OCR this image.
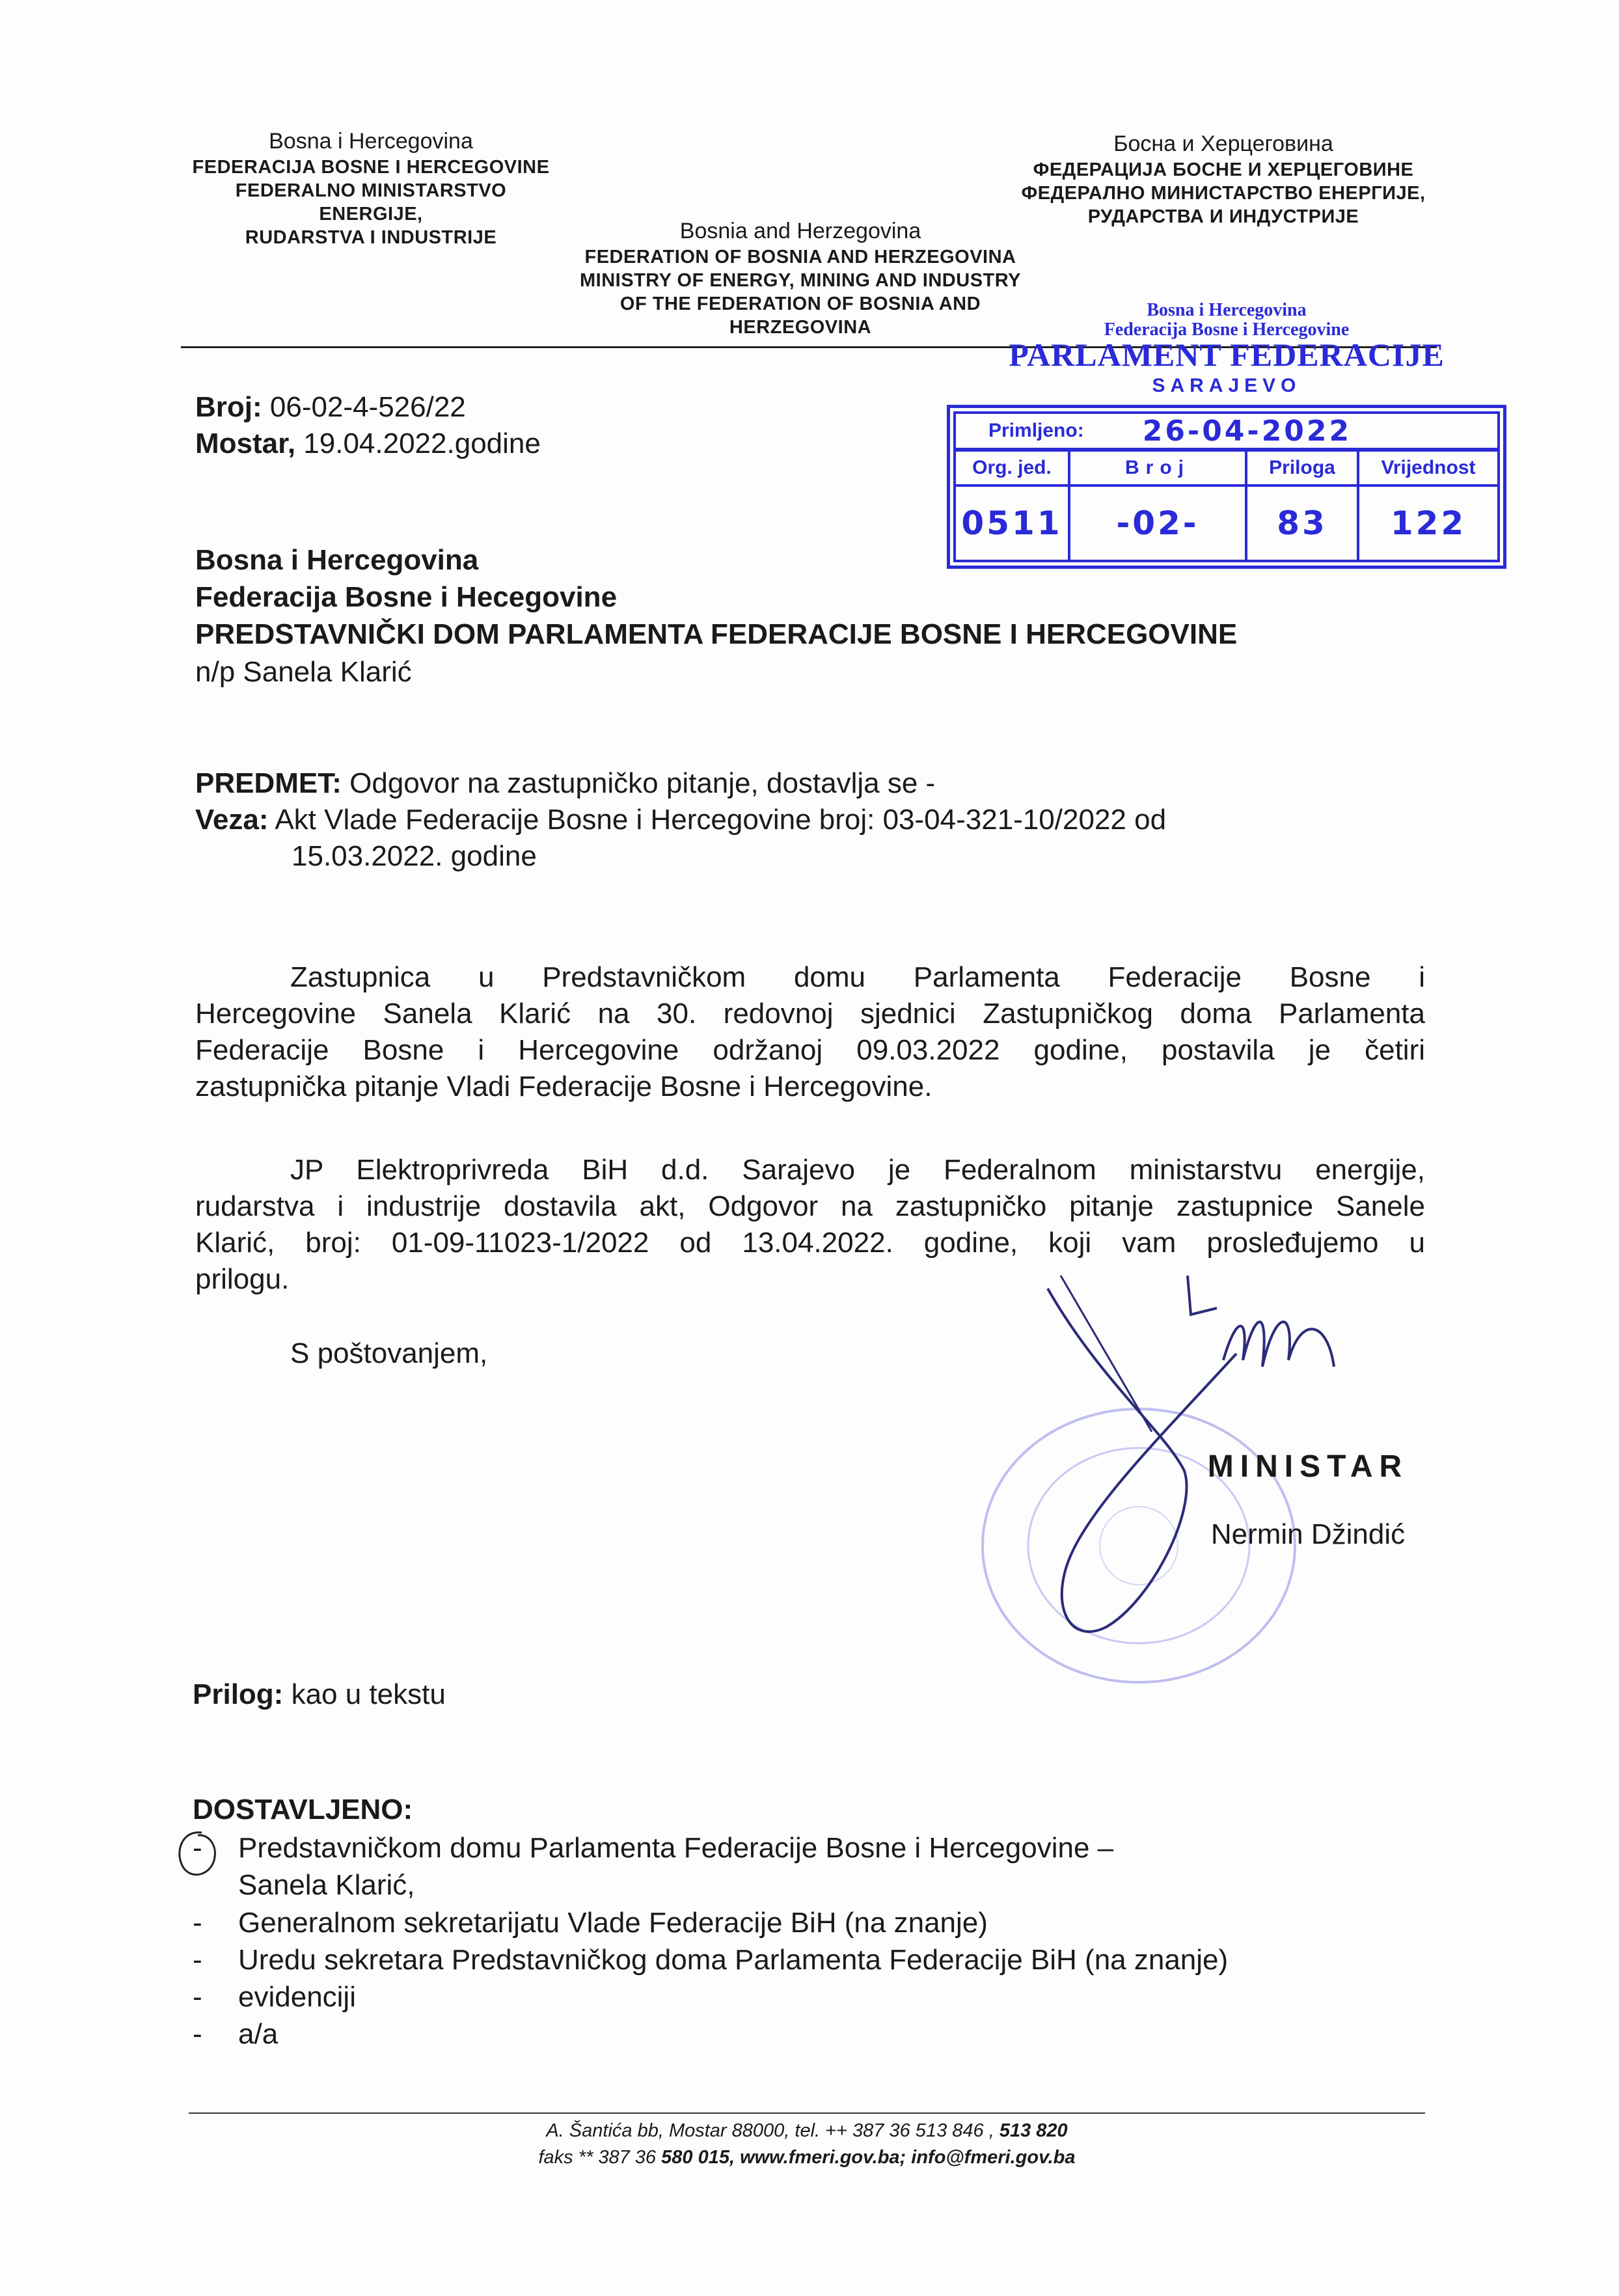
Bosna i Hercegovina
FEDERACIJA BOSNE I HERCEGOVINE
FEDERALNO MINISTARSTVO ENERGIJE,
RUDARSTVA I INDUSTRIJE	Bosnia and Herzegovina
FEDERATION OF BOSNIA AND HERZEGOVINA
MINISTRY OF ENERGY, MINING AND INDUSTRY
OF THE FEDERATION OF BOSNIA AND
HERZEGOVINA
Босна и Херцеговина
ФЕДЕРАЦИЈА БОСНЕ И ХЕРЦЕГОВИНЕ
ФЕДЕРАЛНО МИНИСТАРСТВО ЕНЕРГИЈЕ,
РУДАРСТВА И ИНДУСТРИЈЕ
Bosna i Hercegovina
Federacija Bosne i Hercegovine
PARLAMENT FEDERACIJE
SARAJEVO
Primljeno: 26-04-2022
Org. jed.	Broj	Priloga	Vrijednost
0511	-02-	83	122
Broj: 06-02-4-526/22
Mostar, 19.04.2022.godine
Bosna i Hercegovina
Federacija Bosne i Hecegovine
PREDSTAVNIČKI DOM PARLAMENTA FEDERACIJE BOSNE I HERCEGOVINE
n/p Sanela Klarić
PREDMET: Odgovor na zastupničko pitanje, dostavlja se -
Veza: Akt Vlade Federacije Bosne i Hercegovine broj: 03-04-321-10/2022 od
15.03.2022. godine
Zastupnica u Predstavničkom domu Parlamenta Federacije Bosne i
Hercegovine Sanela Klarić na 30. redovnoj sjednici Zastupničkog doma Parlamenta
Federacije Bosne i Hercegovine održanoj 09.03.2022 godine, postavila je četiri
zastupnička pitanje Vladi Federacije Bosne i Hercegovine.
JP Elektroprivreda BiH d.d. Sarajevo je Federalnom ministarstvu energije,
rudarstva i industrije dostavila akt, Odgovor na zastupničko pitanje zastupnice Sanele
Klarić, broj: 01-09-11023-1/2022 od 13.04.2022. godine, koji vam prosleđujemo u
prilogu.
S poštovanjem,
MINISTAR
Nermin Džindić
Prilog: kao u tekstu
DOSTAVLJENO:
-	Predstavničkom domu Parlamenta Federacije Bosne i Hercegovine –
Sanela Klarić,
-	Generalnom sekretarijatu Vlade Federacije BiH (na znanje)
-	Uredu sekretara Predstavničkog doma Parlamenta Federacije BiH (na znanje)
-	evidenciji
-	a/a
A. Šantića bb, Mostar 88000, tel. ++ 387 36 513 846 , 513 820
faks ** 387 36 580 015, www.fmeri.gov.ba; info@fmeri.gov.ba
